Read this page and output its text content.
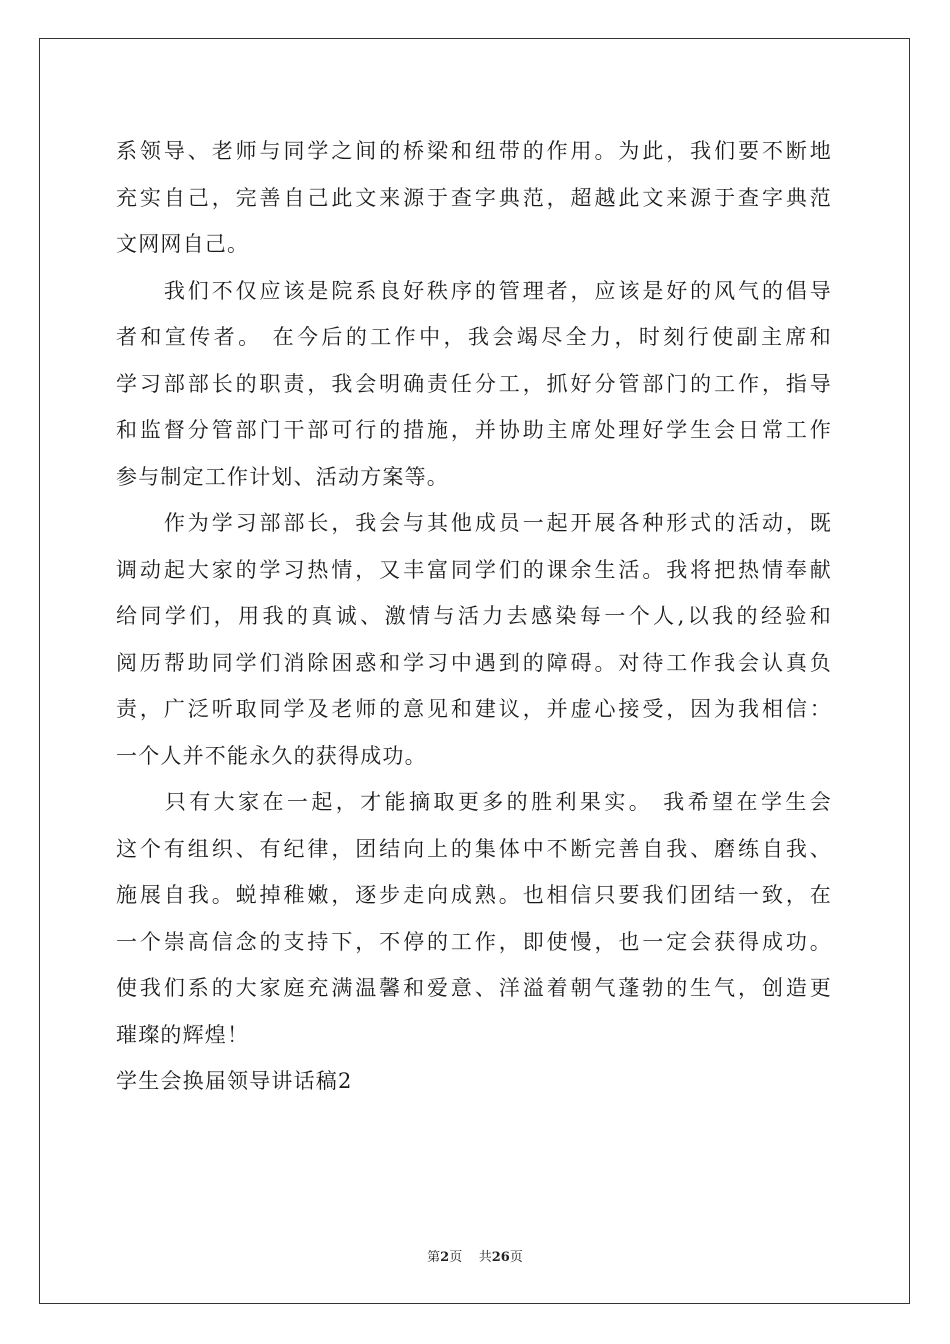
系领导、老师与同学之间的桥梁和纽带的作用。为此，我们要不断地
充实自己，完善自己此文来源于查字典范，超越此文来源于查字典范
文网网自己。
　　我们不仅应该是院系良好秩序的管理者，应该是好的风气的倡导
者和宣传者。 在今后的工作中，我会竭尽全力，时刻行使副主席和
学习部部长的职责，我会明确责任分工，抓好分管部门的工作，指导
和监督分管部门干部可行的措施，并协助主席处理好学生会日常工作
参与制定工作计划、活动方案等。
　　作为学习部部长，我会与其他成员一起开展各种形式的活动，既
调动起大家的学习热情，又丰富同学们的课余生活。我将把热情奉献
给同学们，用我的真诚、激情与活力去感染每一个人,以我的经验和
阅历帮助同学们消除困惑和学习中遇到的障碍。对待工作我会认真负
责，广泛听取同学及老师的意见和建议，并虚心接受，因为我相信：
一个人并不能永久的获得成功。
　　只有大家在一起，才能摘取更多的胜利果实。 我希望在学生会
这个有组织、有纪律，团结向上的集体中不断完善自我、磨练自我、
施展自我。蜕掉稚嫩，逐步走向成熟。也相信只要我们团结一致，在
一个崇高信念的支持下，不停的工作，即使慢，也一定会获得成功。
使我们系的大家庭充满温馨和爱意、洋溢着朝气蓬勃的生气，创造更
璀璨的辉煌！
学生会换届领导讲话稿2
第2页 共26页
